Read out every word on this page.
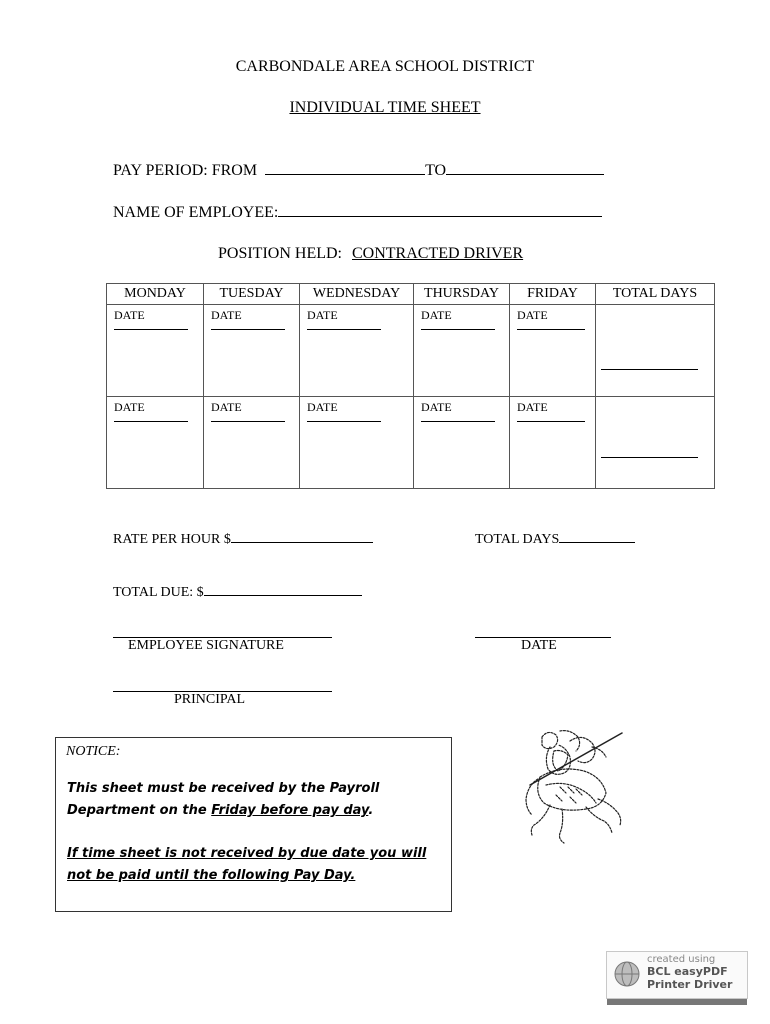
CARBONDALE AREA SCHOOL DISTRICT
INDIVIDUAL TIME SHEET
PAY PERIOD: FROM	TO
NAME OF EMPLOYEE:
POSITION HELD: CONTRACTED DRIVER
MONDAY	TUESDAY	WEDNESDAY	THURSDAY	FRIDAY	TOTAL DAYS

DATE	DATE	DATE	DATE	DATE	

DATE	DATE	DATE	DATE	DATE	

RATE PER HOUR $	TOTAL DAYS
TOTAL DUE: $
EMPLOYEE SIGNATURE	DATE
PRINCIPAL
NOTICE:
This sheet must be received by the Payroll Department on the Friday before pay day.
If time sheet is not received by due date you will not be paid until the following Pay Day.
created using
BCL easyPDF
Printer Driver
